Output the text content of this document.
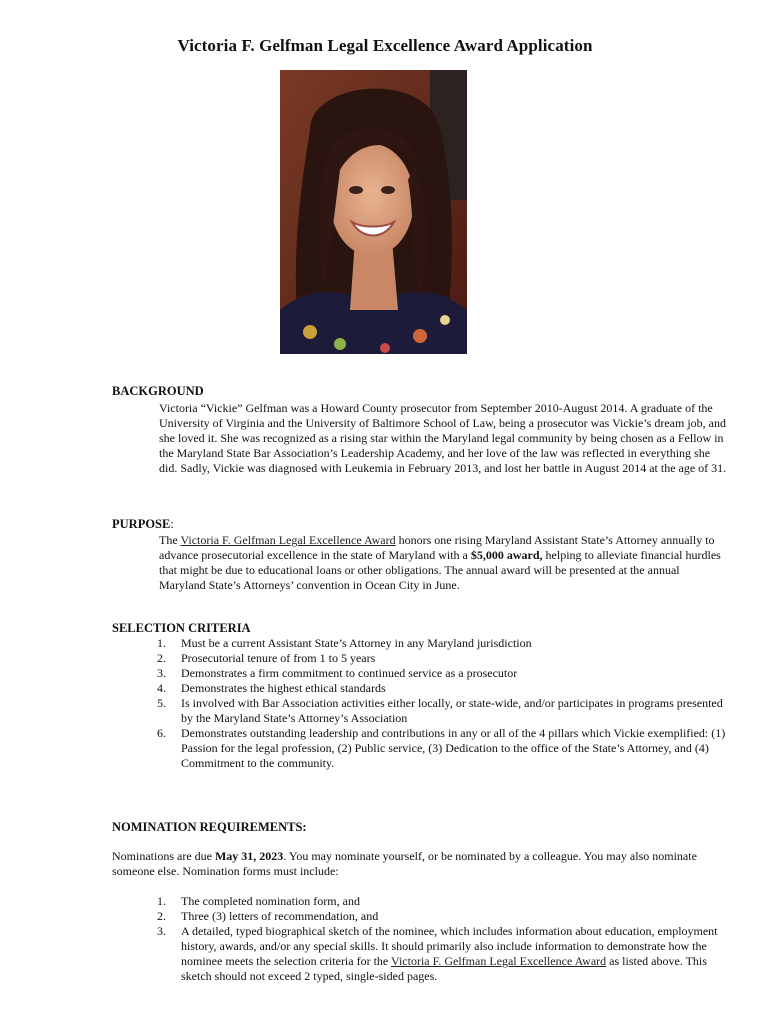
Victoria F. Gelfman Legal Excellence Award Application
BACKGROUND
Victoria “Vickie” Gelfman was a Howard County prosecutor from September 2010-August 2014. A graduate of the University of Virginia and the University of Baltimore School of Law, being a prosecutor was Vickie’s dream job, and she loved it. She was recognized as a rising star within the Maryland legal community by being chosen as a Fellow in the Maryland State Bar Association’s Leadership Academy, and her love of the law was reflected in everything she did. Sadly, Vickie was diagnosed with Leukemia in February 2013, and lost her battle in August 2014 at the age of 31.
PURPOSE:
The Victoria F. Gelfman Legal Excellence Award honors one rising Maryland Assistant State’s Attorney annually to advance prosecutorial excellence in the state of Maryland with a $5,000 award, helping to alleviate financial hurdles that might be due to educational loans or other obligations. The annual award will be presented at the annual Maryland State’s Attorneys’ convention in Ocean City in June.
SELECTION CRITERIA
1. Must be a current Assistant State’s Attorney in any Maryland jurisdiction
2. Prosecutorial tenure of from 1 to 5 years
3. Demonstrates a firm commitment to continued service as a prosecutor
4. Demonstrates the highest ethical standards
5. Is involved with Bar Association activities either locally, or state-wide, and/or participates in programs presented by the Maryland State’s Attorney’s Association
6. Demonstrates outstanding leadership and contributions in any or all of the 4 pillars which Vickie exemplified: (1) Passion for the legal profession, (2) Public service, (3) Dedication to the office of the State’s Attorney, and (4) Commitment to the community.
NOMINATION REQUIREMENTS:
Nominations are due May 31, 2023. You may nominate yourself, or be nominated by a colleague. You may also nominate someone else. Nomination forms must include:
1. The completed nomination form, and
2. Three (3) letters of recommendation, and
3. A detailed, typed biographical sketch of the nominee, which includes information about education, employment history, awards, and/or any special skills. It should primarily also include information to demonstrate how the nominee meets the selection criteria for the Victoria F. Gelfman Legal Excellence Award as listed above. This sketch should not exceed 2 typed, single-sided pages.
